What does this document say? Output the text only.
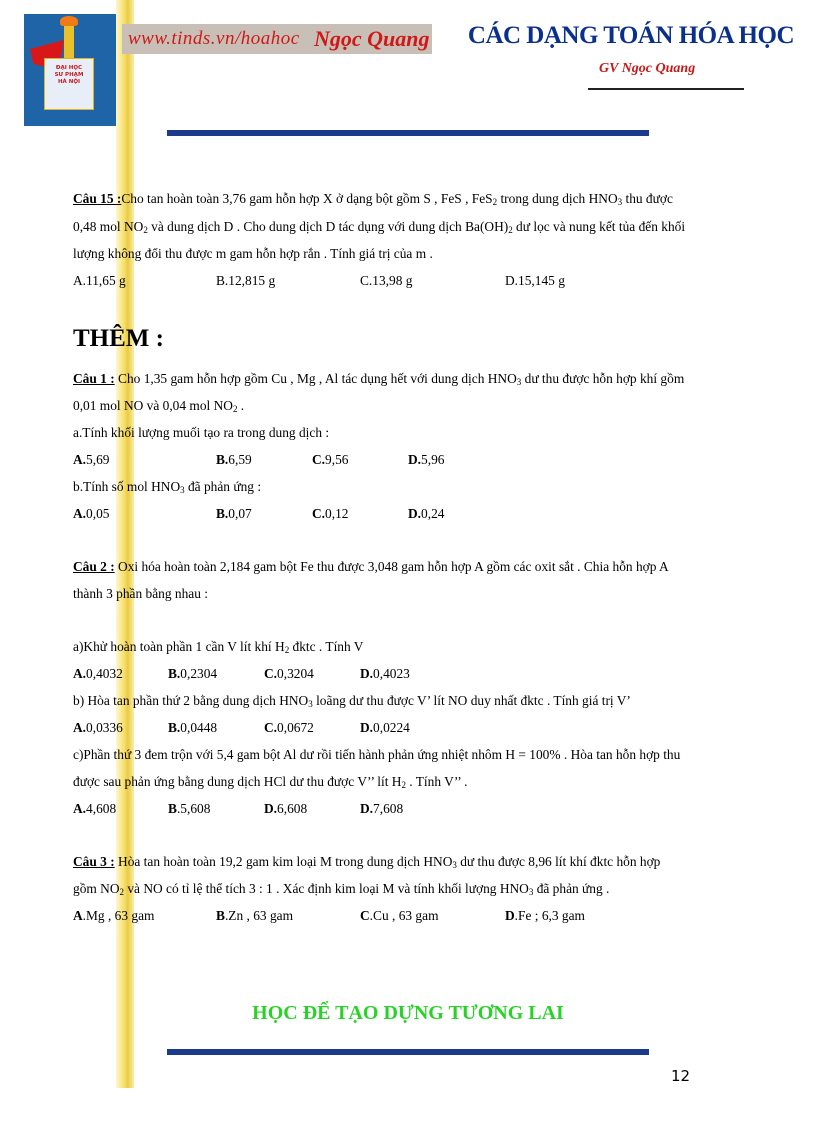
ĐẠI HỌC
SƯ PHẠM
HÀ NỘI
www.tinds.vn/hoahoc Ngọc Quang CÁC DẠNG TOÁN HÓA HỌC
GV Ngọc Quang
Câu 15 :Cho tan hoàn toàn 3,76 gam hỗn hợp X ở dạng bột gồm S , FeS , FeS$_2$ trong dung dịch $HNO_3$ thu được
0,48 mol $NO_2$ và dung dịch D . Cho dung dịch D tác dụng với dung dịch $Ba(OH)_2$ dư lọc và nung kết tủa đến khối
lượng không đổi thu được m gam hỗn hợp rắn . Tính giá trị của m .
A.11,65 g	B.12,815 g	C.13,98 g	D.15,145 g
THÊM :
Câu 1 : Cho 1,35 gam hỗn hợp gồm Cu , Mg , Al tác dụng hết với dung dịch $HNO_3$ dư thu được hỗn hợp khí gồm
0,01 mol NO và 0,04 mol $NO_2$ .
a.Tính khối lượng muối tạo ra trong dung dịch :
A.5,69	B.6,59	C.9,56	D.5,96
b.Tính số mol $HNO_3$ đã phản ứng :
A.0,05	B.0,07	C.0,12	D.0,24
Câu 2 : Oxi hóa hoàn toàn 2,184 gam bột Fe thu được 3,048 gam hỗn hợp A gồm các oxit sắt . Chia hỗn hợp A
thành 3 phần bằng nhau :
a)Khử hoàn toàn phần 1 cần V lít khí $H_2$ đktc . Tính V
A.0,4032	B.0,2304	C.0,3204	D.0,4023
b) Hòa tan phần thứ 2 bằng dung dịch $HNO_3$ loãng dư thu được V’ lít NO duy nhất đktc . Tính giá trị V’
A.0,0336	B.0,0448	C.0,0672	D.0,0224
c)Phần thứ 3 đem trộn với 5,4 gam bột Al dư rồi tiến hành phản ứng nhiệt nhôm H = 100% . Hòa tan hỗn hợp thu
được sau phản ứng bằng dung dịch HCl dư thu được V’’ lít $H_2$ . Tính V’’ .
A.4,608	B.5,608	D.6,608	D.7,608
Câu 3 : Hòa tan hoàn toàn 19,2 gam kim loại M trong dung dịch $HNO_3$ dư thu được 8,96 lít khí đktc hỗn hợp
gồm $NO_2$ và NO có tỉ lệ thể tích 3 : 1 . Xác định kim loại M và tính khối lượng $HNO_3$ đã phản ứng .
A.Mg , 63 gam	B.Zn , 63 gam	C.Cu , 63 gam	D.Fe ; 6,3 gam
HỌC ĐỂ TẠO DỰNG TƯƠNG LAI
12
